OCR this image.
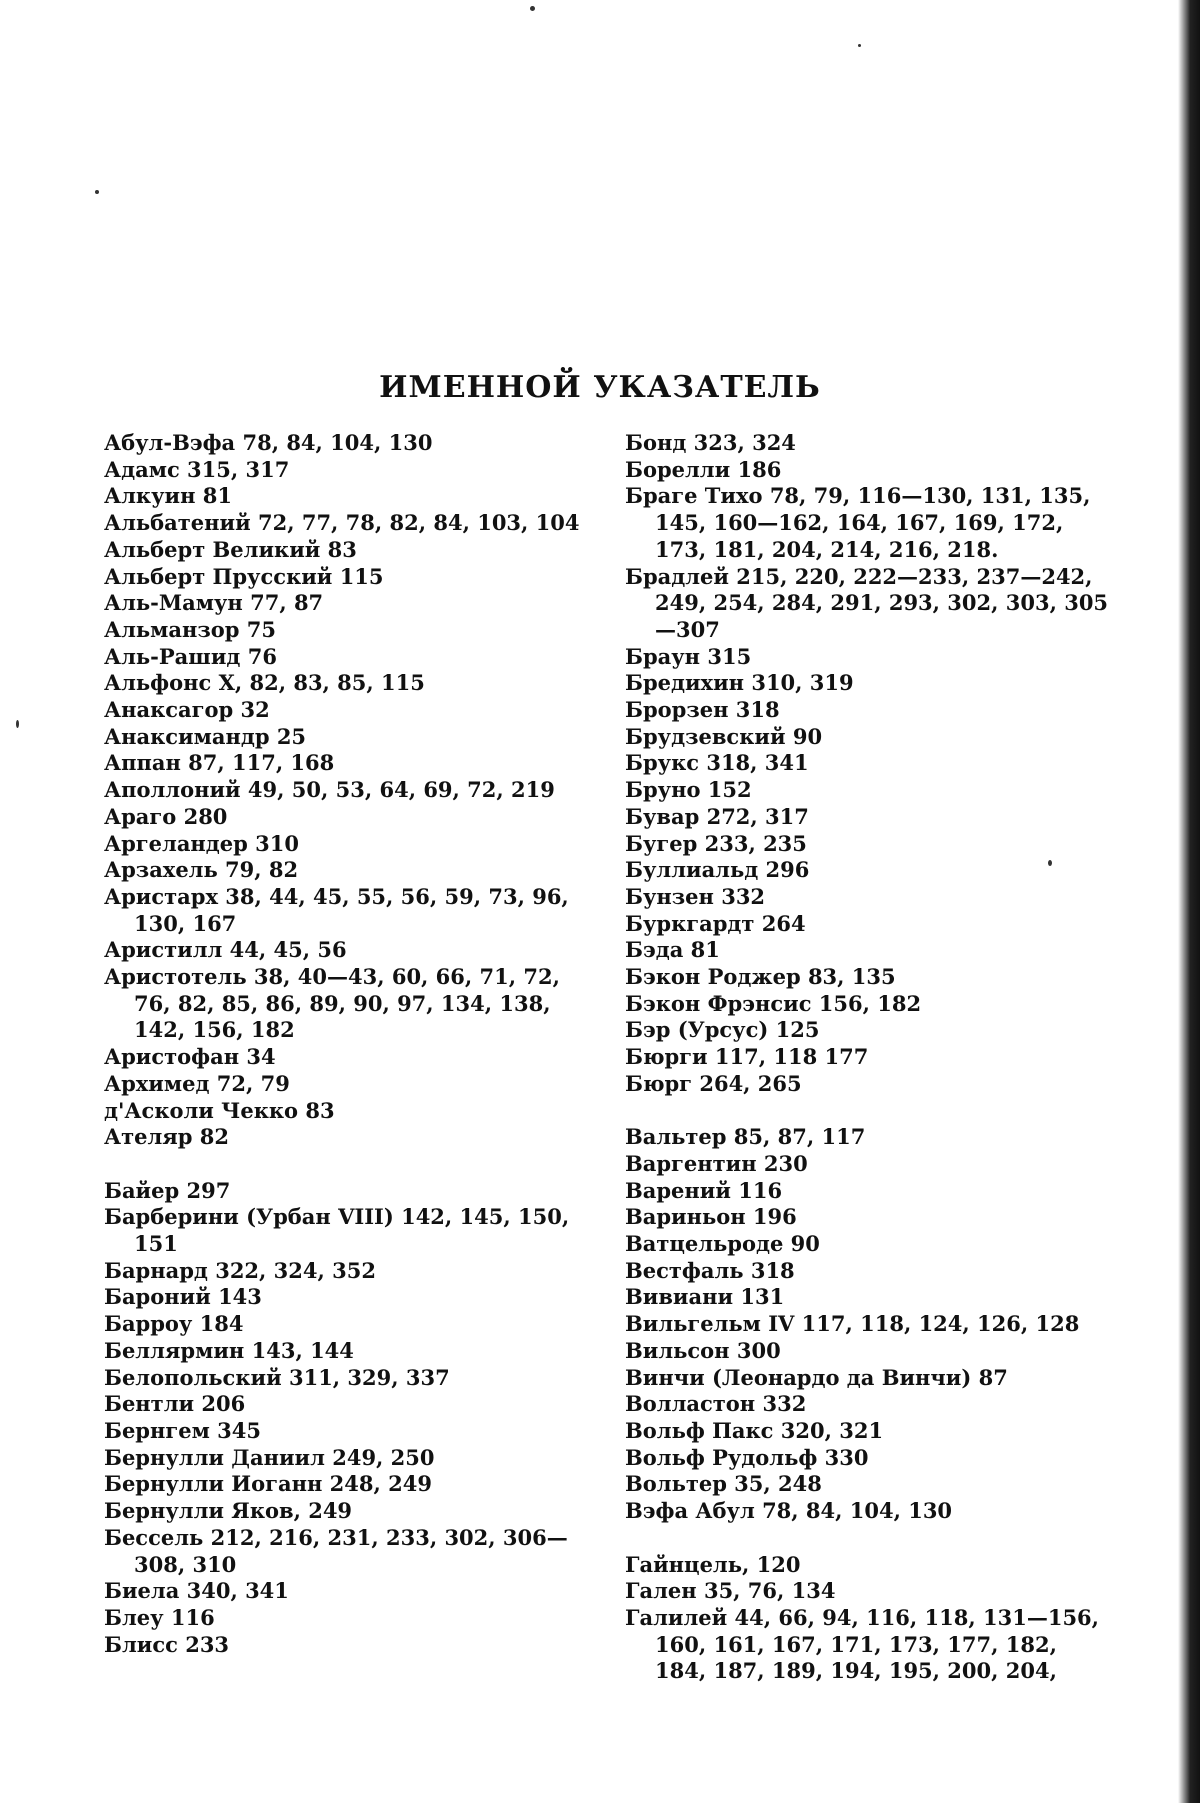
ИМЕННОЙ УКАЗАТЕЛЬ
Абул-Вэфа 78, 84, 104, 130
Адамс 315, 317
Алкуин 81
Альбатений 72, 77, 78, 82, 84, 103, 104
Альберт Великий 83
Альберт Прусский 115
Аль-Мамун 77, 87
Альманзор 75
Аль-Рашид 76
Альфонс X, 82, 83, 85, 115
Анаксагор 32
Анаксимандр 25
Аппан 87, 117, 168
Аполлоний 49, 50, 53, 64, 69, 72, 219
Араго 280
Аргеландер 310
Арзахель 79, 82
Аристарх 38, 44, 45, 55, 56, 59, 73, 96, 130, 167
Аристилл 44, 45, 56
Аристотель 38, 40—43, 60, 66, 71, 72, 76, 82, 85, 86, 89, 90, 97, 134, 138, 142, 156, 182
Аристофан 34
Архимед 72, 79
д'Асколи Чекко 83
Ателяр 82
Байер 297
Барберини (Урбан VIII) 142, 145, 150, 151
Барнард 322, 324, 352
Бароний 143
Барроу 184
Беллярмин 143, 144
Белопольский 311, 329, 337
Бентли 206
Бернгем 345
Бернулли Даниил 249, 250
Бернулли Иоганн 248, 249
Бернулли Яков, 249
Бессель 212, 216, 231, 233, 302, 306—308, 310
Биела 340, 341
Блеу 116
Блисс 233
Бонд 323, 324
Борелли 186
Браге Тихо 78, 79, 116—130, 131, 135, 145, 160—162, 164, 167, 169, 172, 173, 181, 204, 214, 216, 218.
Брадлей 215, 220, 222—233, 237—242, 249, 254, 284, 291, 293, 302, 303, 305—307
Браун 315
Бредихин 310, 319
Брорзен 318
Брудзевский 90
Брукс 318, 341
Бруно 152
Бувар 272, 317
Бугер 233, 235
Буллиальд 296
Бунзен 332
Буркгардт 264
Бэда 81
Бэкон Роджер 83, 135
Бэкон Фрэнсис 156, 182
Бэр (Урсус) 125
Бюрги 117, 118 177
Бюрг 264, 265
Вальтер 85, 87, 117
Варгентин 230
Варений 116
Вариньон 196
Ватцельроде 90
Вестфаль 318
Вивиани 131
Вильгельм IV 117, 118, 124, 126, 128
Вильсон 300
Винчи (Леонардо да Винчи) 87
Волластон 332
Вольф Пакс 320, 321
Вольф Рудольф 330
Вольтер 35, 248
Вэфа Абул 78, 84, 104, 130
Гайнцель, 120
Гален 35, 76, 134
Галилей 44, 66, 94, 116, 118, 131—156, 160, 161, 167, 171, 173, 177, 182, 184, 187, 189, 194, 195, 200, 204,
